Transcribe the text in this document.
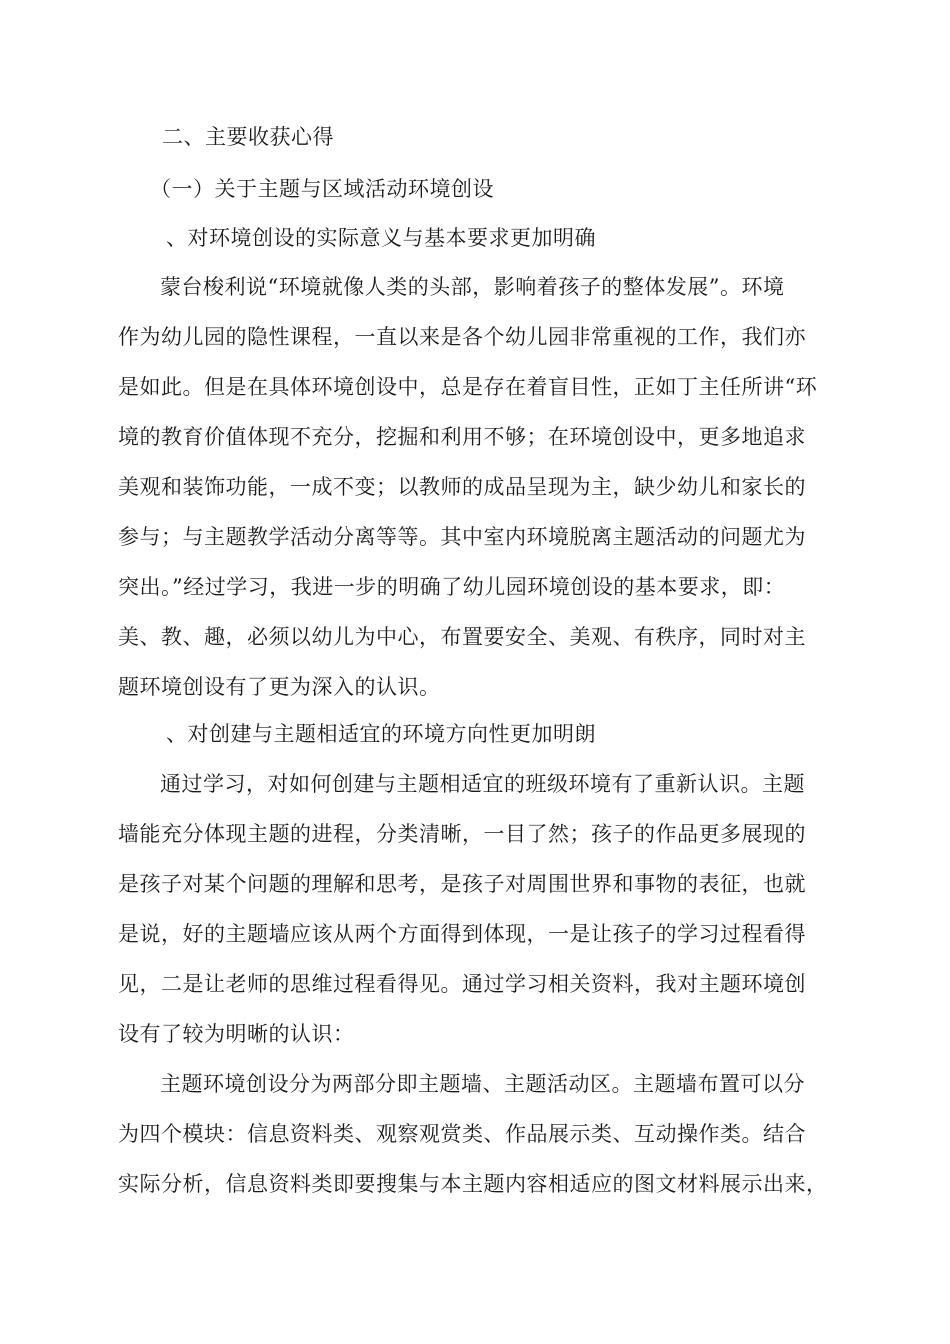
二、主要收获心得
（一）关于主题与区域活动环境创设
、对环境创设的实际意义与基本要求更加明确
蒙台梭利说“环境就像人类的头部，影响着孩子的整体发展”。环境
作为幼儿园的隐性课程，一直以来是各个幼儿园非常重视的工作，我们亦
是如此。但是在具体环境创设中，总是存在着盲目性，正如丁主任所讲“环
境的教育价值体现不充分，挖掘和利用不够；在环境创设中，更多地追求
美观和装饰功能，一成不变；以教师的成品呈现为主，缺少幼儿和家长的
参与；与主题教学活动分离等等。其中室内环境脱离主题活动的问题尤为
突出。”经过学习，我进一步的明确了幼儿园环境创设的基本要求，即：
美、教、趣，必须以幼儿为中心，布置要安全、美观、有秩序，同时对主
题环境创设有了更为深入的认识。
、对创建与主题相适宜的环境方向性更加明朗
通过学习，对如何创建与主题相适宜的班级环境有了重新认识。主题
墙能充分体现主题的进程，分类清晰，一目了然；孩子的作品更多展现的
是孩子对某个问题的理解和思考，是孩子对周围世界和事物的表征，也就
是说，好的主题墙应该从两个方面得到体现，一是让孩子的学习过程看得
见，二是让老师的思维过程看得见。通过学习相关资料，我对主题环境创
设有了较为明晰的认识：
主题环境创设分为两部分即主题墙、主题活动区。主题墙布置可以分
为四个模块：信息资料类、观察观赏类、作品展示类、互动操作类。结合
实际分析，信息资料类即要搜集与本主题内容相适应的图文材料展示出来，
